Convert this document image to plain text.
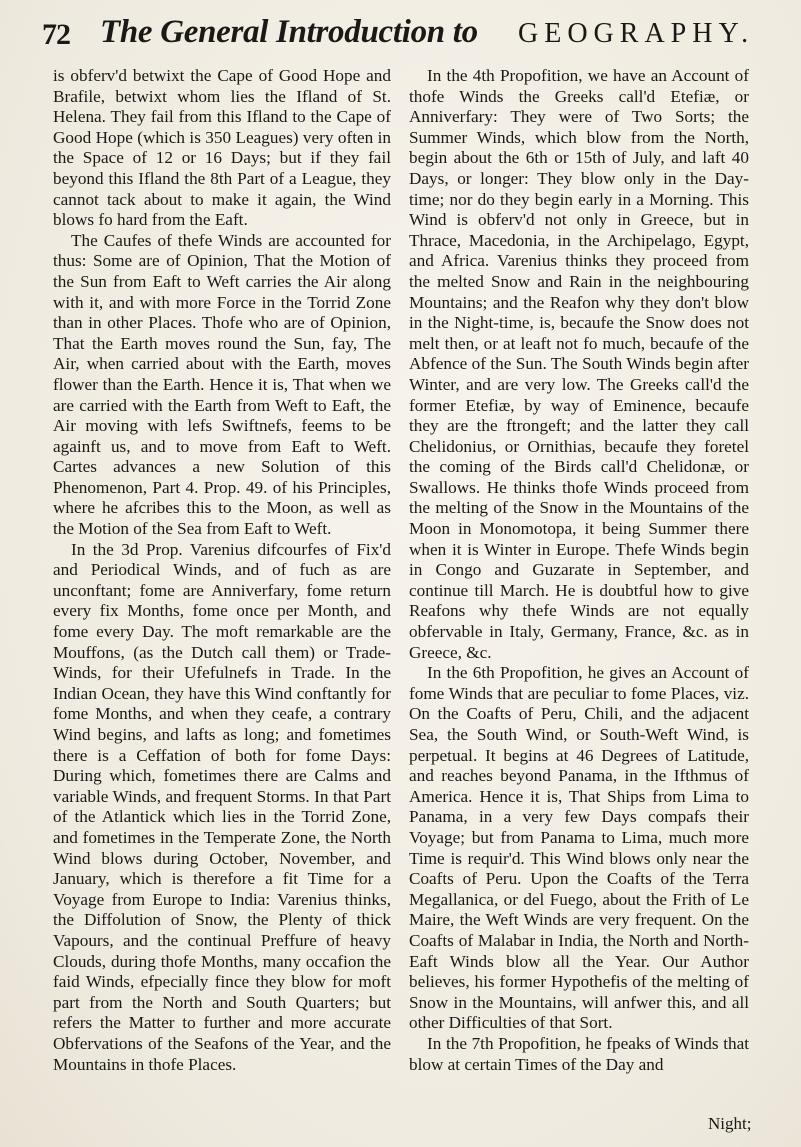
72 The General Introduction to GEOGRAPHY.

is obferv'd betwixt the Cape of Good Hope and Brafile, betwixt whom lies the Ifland of St. Helena. They fail from this Ifland to the Cape of Good Hope (which is 350 Leagues) very often in the Space of 12 or 16 Days; but if they fail beyond this Ifland the 8th Part of a League, they cannot tack about to make it again, the Wind blows fo hard from the Eaft.

The Caufes of thefe Winds are accounted for thus: Some are of Opinion, That the Motion of the Sun from Eaft to Weft carries the Air along with it, and with more Force in the Torrid Zone than in other Places. Thofe who are of Opinion, That the Earth moves round the Sun, fay, The Air, when carried about with the Earth, moves flower than the Earth. Hence it is, That when we are carried with the Earth from Weft to Eaft, the Air moving with lefs Swiftnefs, feems to be againft us, and to move from Eaft to Weft. Cartes advances a new Solution of this Phenomenon, Part 4. Prop. 49. of his Principles, where he afcribes this to the Moon, as well as the Motion of the Sea from Eaft to Weft.

In the 3d Prop. Varenius difcourfes of Fix'd and Periodical Winds, and of fuch as are unconftant; fome are Anniverfary, fome return every fix Months, fome once per Month, and fome every Day. The moft remarkable are the Mouffons, (as the Dutch call them) or Trade-Winds, for their Ufefulnefs in Trade. In the Indian Ocean, they have this Wind conftantly for fome Months, and when they ceafe, a contrary Wind begins, and lafts as long; and fometimes there is a Ceffation of both for fome Days: During which, fometimes there are Calms and variable Winds, and frequent Storms. In that Part of the Atlantick which lies in the Torrid Zone, and fometimes in the Temperate Zone, the North Wind blows during October, November, and January, which is therefore a fit Time for a Voyage from Europe to India: Varenius thinks, the Diffolution of Snow, the Plenty of thick Vapours, and the continual Preffure of heavy Clouds, during thofe Months, many occafion the faid Winds, efpecially fince they blow for moft part from the North and South Quarters; but refers the Matter to further and more accurate Obfervations of the Seafons of the Year, and the Mountains in thofe Places.

In the 4th Propofition, we have an Account of thofe Winds the Greeks call'd Etefiæ, or Anniverfary: They were of Two Sorts; the Summer Winds, which blow from the North, begin about the 6th or 15th of July, and laft 40 Days, or longer: They blow only in the Day-time; nor do they begin early in a Morning. This Wind is obferv'd not only in Greece, but in Thrace, Macedonia, in the Archipelago, Egypt, and Africa. Varenius thinks they proceed from the melted Snow and Rain in the neighbouring Mountains; and the Reafon why they don't blow in the Night-time, is, becaufe the Snow does not melt then, or at leaft not fo much, becaufe of the Abfence of the Sun. The South Winds begin after Winter, and are very low. The Greeks call'd the former Etefiæ, by way of Eminence, becaufe they are the ftrongeft; and the latter they call Chelidonius, or Ornithias, becaufe they foretel the coming of the Birds call'd Chelidonæ, or Swallows. He thinks thofe Winds proceed from the melting of the Snow in the Mountains of the Moon in Monomotopa, it being Summer there when it is Winter in Europe. Thefe Winds begin in Congo and Guzarate in September, and continue till March. He is doubtful how to give Reafons why thefe Winds are not equally obfervable in Italy, Germany, France, &c. as in Greece, &c.

In the 6th Propofition, he gives an Account of fome Winds that are peculiar to fome Places, viz. On the Coafts of Peru, Chili, and the adjacent Sea, the South Wind, or South-Weft Wind, is perpetual. It begins at 46 Degrees of Latitude, and reaches beyond Panama, in the Ifthmus of America. Hence it is, That Ships from Lima to Panama, in a very few Days compafs their Voyage; but from Panama to Lima, much more Time is requir'd. This Wind blows only near the Coafts of Peru. Upon the Coafts of the Terra Megallanica, or del Fuego, about the Frith of Le Maire, the Weft Winds are very frequent. On the Coafts of Malabar in India, the North and North-Eaft Winds blow all the Year. Our Author believes, his former Hypothefis of the melting of Snow in the Mountains, will anfwer this, and all other Difficulties of that Sort.

In the 7th Propofition, he fpeaks of Winds that blow at certain Times of the Day and

Night;
